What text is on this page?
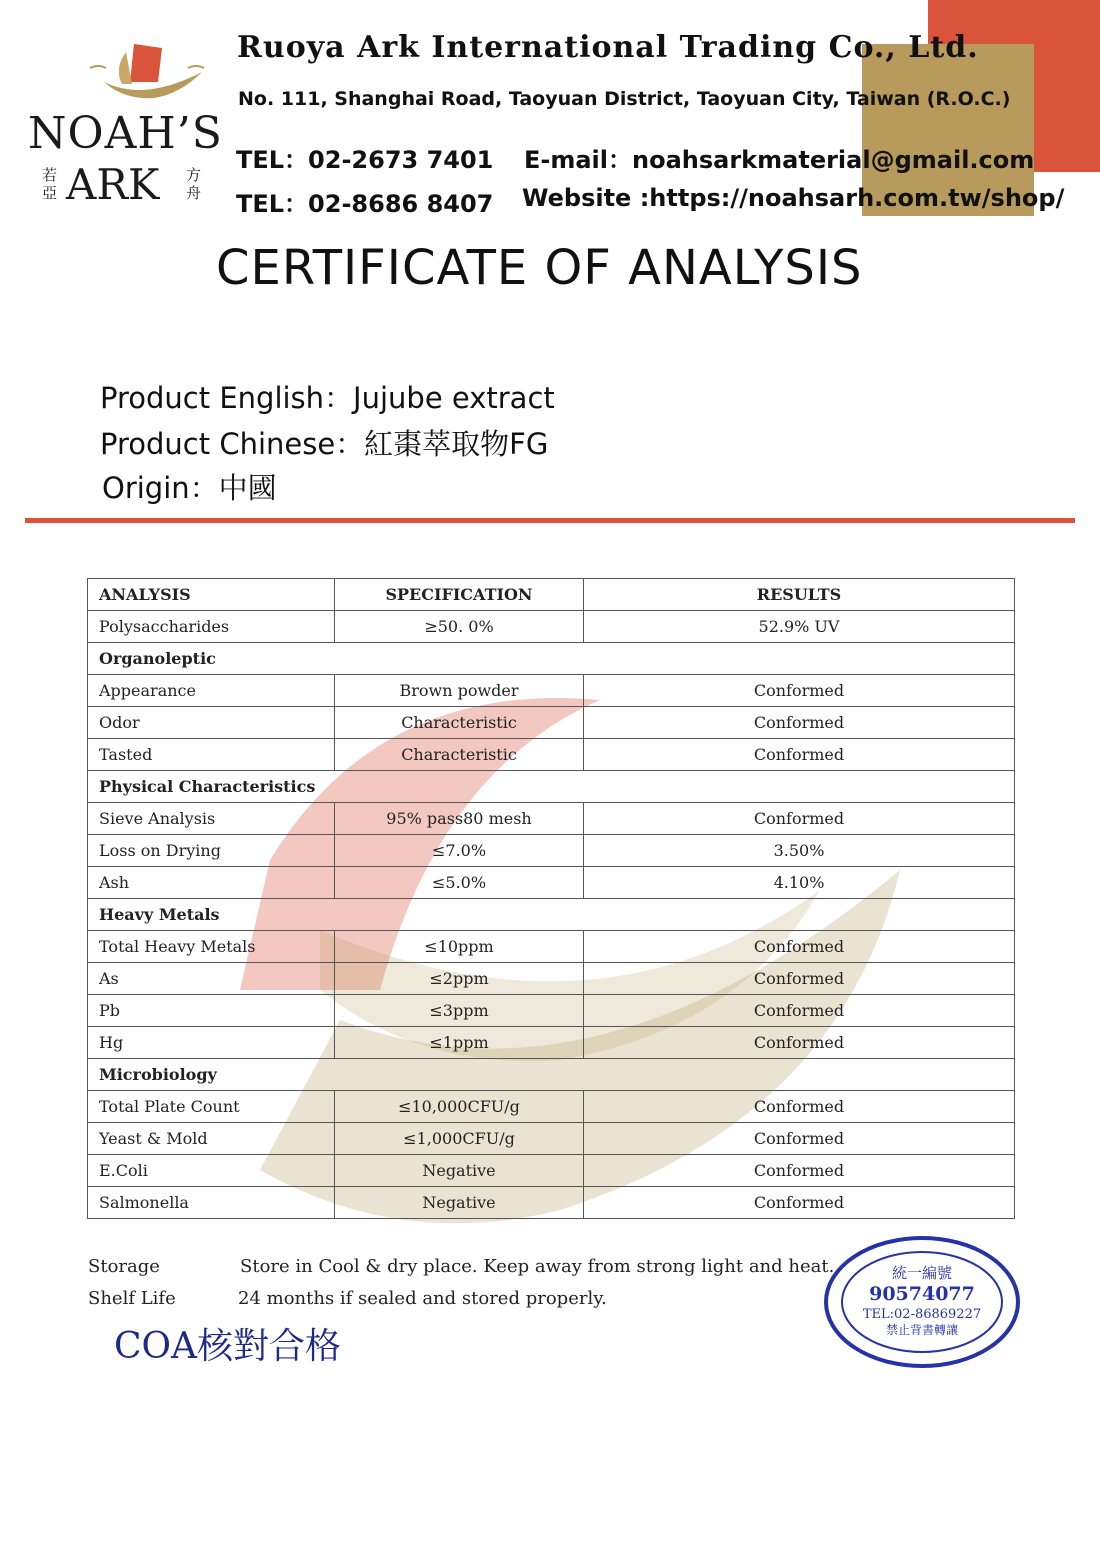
NOAH’S
若亞 ARK 方舟
Ruoya Ark International Trading Co., Ltd.
No. 111, Shanghai Road, Taoyuan District, Taoyuan City, Taiwan (R.O.C.)
TEL：02-2673 7401
TEL：02-8686 8407
E-mail：noahsarkmaterial@gmail.com
Website :https://noahsarh.com.tw/shop/
CERTIFICATE OF ANALYSIS
Product English：Jujube extract
Product Chinese：紅棗萃取物FG
Origin：中國
ANALYSIS	SPECIFICATION	RESULTS
Polysaccharides	≥50. 0%	52.9% UV
Organoleptic		
Appearance	Brown powder	Conformed
Odor	Characteristic	Conformed
Tasted	Characteristic	Conformed
Physical Characteristics		
Sieve Analysis	95% pass80 mesh	Conformed
Loss on Drying	≤7.0%	3.50%
Ash	≤5.0%	4.10%
Heavy Metals		
Total Heavy Metals	≤10ppm	Conformed
As	≤2ppm	Conformed
Pb	≤3ppm	Conformed
Hg	≤1ppm	Conformed
Microbiology		
Total Plate Count	≤10,000CFU/g	Conformed
Yeast & Mold	≤1,000CFU/g	Conformed
E.Coli	Negative	Conformed
Salmonella	Negative	Conformed
Storage	Store in Cool & dry place. Keep away from strong light and heat.
Shelf Life	24 months if sealed and stored properly.
COA核對合格
統一編號
90574077
TEL:02-86869227
禁止背書轉讓
